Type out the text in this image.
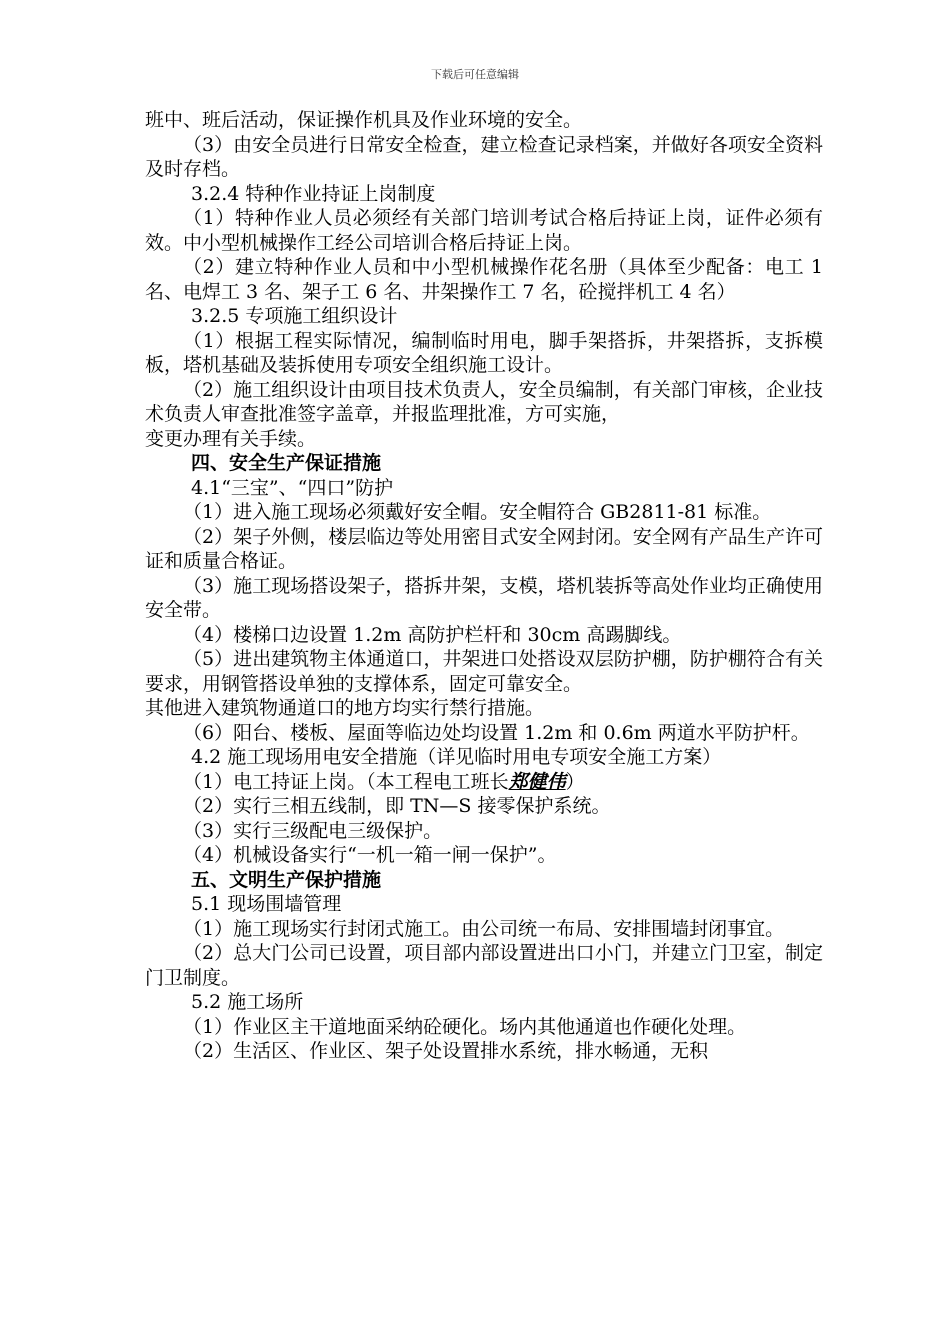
下载后可任意编辑

班中、班后活动，保证操作机具及作业环境的安全。

（3）由安全员进行日常安全检查，建立检查记录档案，并做好各项安全资料及时存档。

3.2.4 特种作业持证上岗制度

（1）特种作业人员必须经有关部门培训考试合格后持证上岗，证件必须有效。中小型机械操作工经公司培训合格后持证上岗。

（2）建立特种作业人员和中小型机械操作花名册（具体至少配备：电工 1 名、电焊工 3 名、架子工 6 名、井架操作工 7 名，砼搅拌机工 4 名）

3.2.5 专项施工组织设计

（1）根据工程实际情况，编制临时用电，脚手架搭拆，井架搭拆，支拆模板，塔机基础及装拆使用专项安全组织施工设计。

（2）施工组织设计由项目技术负责人，安全员编制，有关部门审核，企业技术负责人审查批准签字盖章，并报监理批准，方可实施，

变更办理有关手续。

四、安全生产保证措施

4.1“三宝”、“四口”防护

（1）进入施工现场必须戴好安全帽。安全帽符合 GB2811-81 标准。

（2）架子外侧，楼层临边等处用密目式安全网封闭。安全网有产品生产许可证和质量合格证。

（3）施工现场搭设架子，搭拆井架，支模，塔机装拆等高处作业均正确使用安全带。

（4）楼梯口边设置 1.2m 高防护栏杆和 30cm 高踢脚线。

（5）进出建筑物主体通道口，井架进口处搭设双层防护棚，防护棚符合有关要求，用钢管搭设单独的支撑体系，固定可靠安全。

其他进入建筑物通道口的地方均实行禁行措施。

（6）阳台、楼板、屋面等临边处均设置 1.2m 和 0.6m 两道水平防护杆。

4.2 施工现场用电安全措施（详见临时用电专项安全施工方案）

（1）电工持证上岗。（本工程电工班长郑健伟）

（2）实行三相五线制，即 TN—S 接零保护系统。

（3）实行三级配电三级保护。

（4）机械设备实行“一机一箱一闸一保护”。

五、文明生产保护措施

5.1 现场围墙管理

（1）施工现场实行封闭式施工。由公司统一布局、安排围墙封闭事宜。

（2）总大门公司已设置，项目部内部设置进出口小门，并建立门卫室，制定门卫制度。

5.2 施工场所

（1）作业区主干道地面采纳砼硬化。场内其他通道也作硬化处理。

（2）生活区、作业区、架子处设置排水系统，排水畅通，无积
